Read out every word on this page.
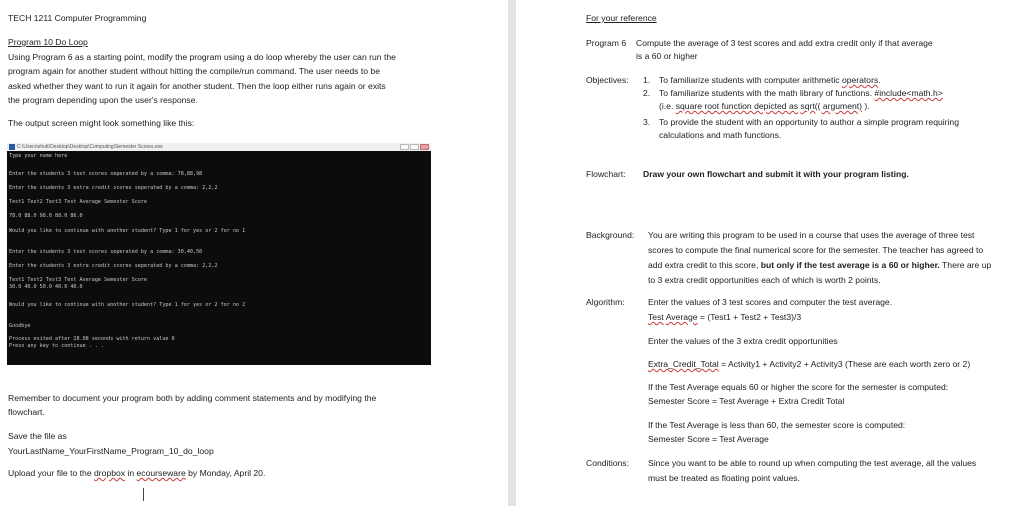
TECH 1211 Computer Programming
Program 10 Do Loop
Using Program 6 as a starting point, modify the program using a do loop whereby the user can run the
program again for another student without hitting the compile/run command. The user needs to be
asked whether they want to run it again for another student. Then the loop either runs again or exits
the program depending upon the user's response.
The output screen might look something like this:
C:\Users\shutt\Desktop\Desktop\Computing\Semester Scores.exe
Type your name here
Enter the students 3 test scores seperated by a comma: 78,88,98
Enter the students 3 extra credit scores seperated by a comma: 2,2,2
Test1 Test2 Test3 Test Average Semester Score
78.0 88.0 98.0 88.0 86.0
Would you like to continue with another student? Type 1 for yes or 2 for no 1
Enter the students 3 test scores seperated by a comma: 30,40,50
Enter the students 3 extra credit scores seperated by a comma: 2,2,2
Test1 Test2 Test3 Test Average Semester Score
30.0 40.0 50.0 40.0 40.0
Would you like to continue with another student? Type 1 for yes or 2 for no 2
Goodbye
Process exited after 28.08 seconds with return value 0
Press any key to continue . . .
Remember to document your program both by adding comment statements and by modifying the
flowchart.
Save the file as
YourLastName_YourFirstName_Program_10_do_loop
Upload your file to the dropbox in ecourseware by Monday, April 20.
For your reference
Program 6 Compute the average of 3 test scores and add extra credit only if that average
is a 60 or higher
Objectives: 1. To familiarize students with computer arithmetic operators.
2. To familiarize students with the math library of functions. #include<math.h>
(i.e. square root function depicted as sqrt(( argument) ).
3. To provide the student with an opportunity to author a simple program requiring
calculations and math functions.
Flowchart: Draw your own flowchart and submit it with your program listing.
Background: You are writing this program to be used in a course that uses the average of three test
scores to compute the final numerical score for the semester. The teacher has agreed to
add extra credit to this score, but only if the test average is a 60 or higher. There are up
to 3 extra credit opportunities each of which is worth 2 points.
Algorithm:	Enter the values of 3 test scores and computer the test average.
Test Average = (Test1 + Test2 + Test3)/3
Enter the values of the 3 extra credit opportunities
Extra_Credit_Total = Activity1 + Activity2 + Activity3 (These are each worth zero or 2)
If the Test Average equals 60 or higher the score for the semester is computed:
Semester Score = Test Average + Extra Credit Total
If the Test Average is less than 60, the semester score is computed:
Semester Score = Test Average
Conditions: Since you want to be able to round up when computing the test average, all the values
must be treated as floating point values.
